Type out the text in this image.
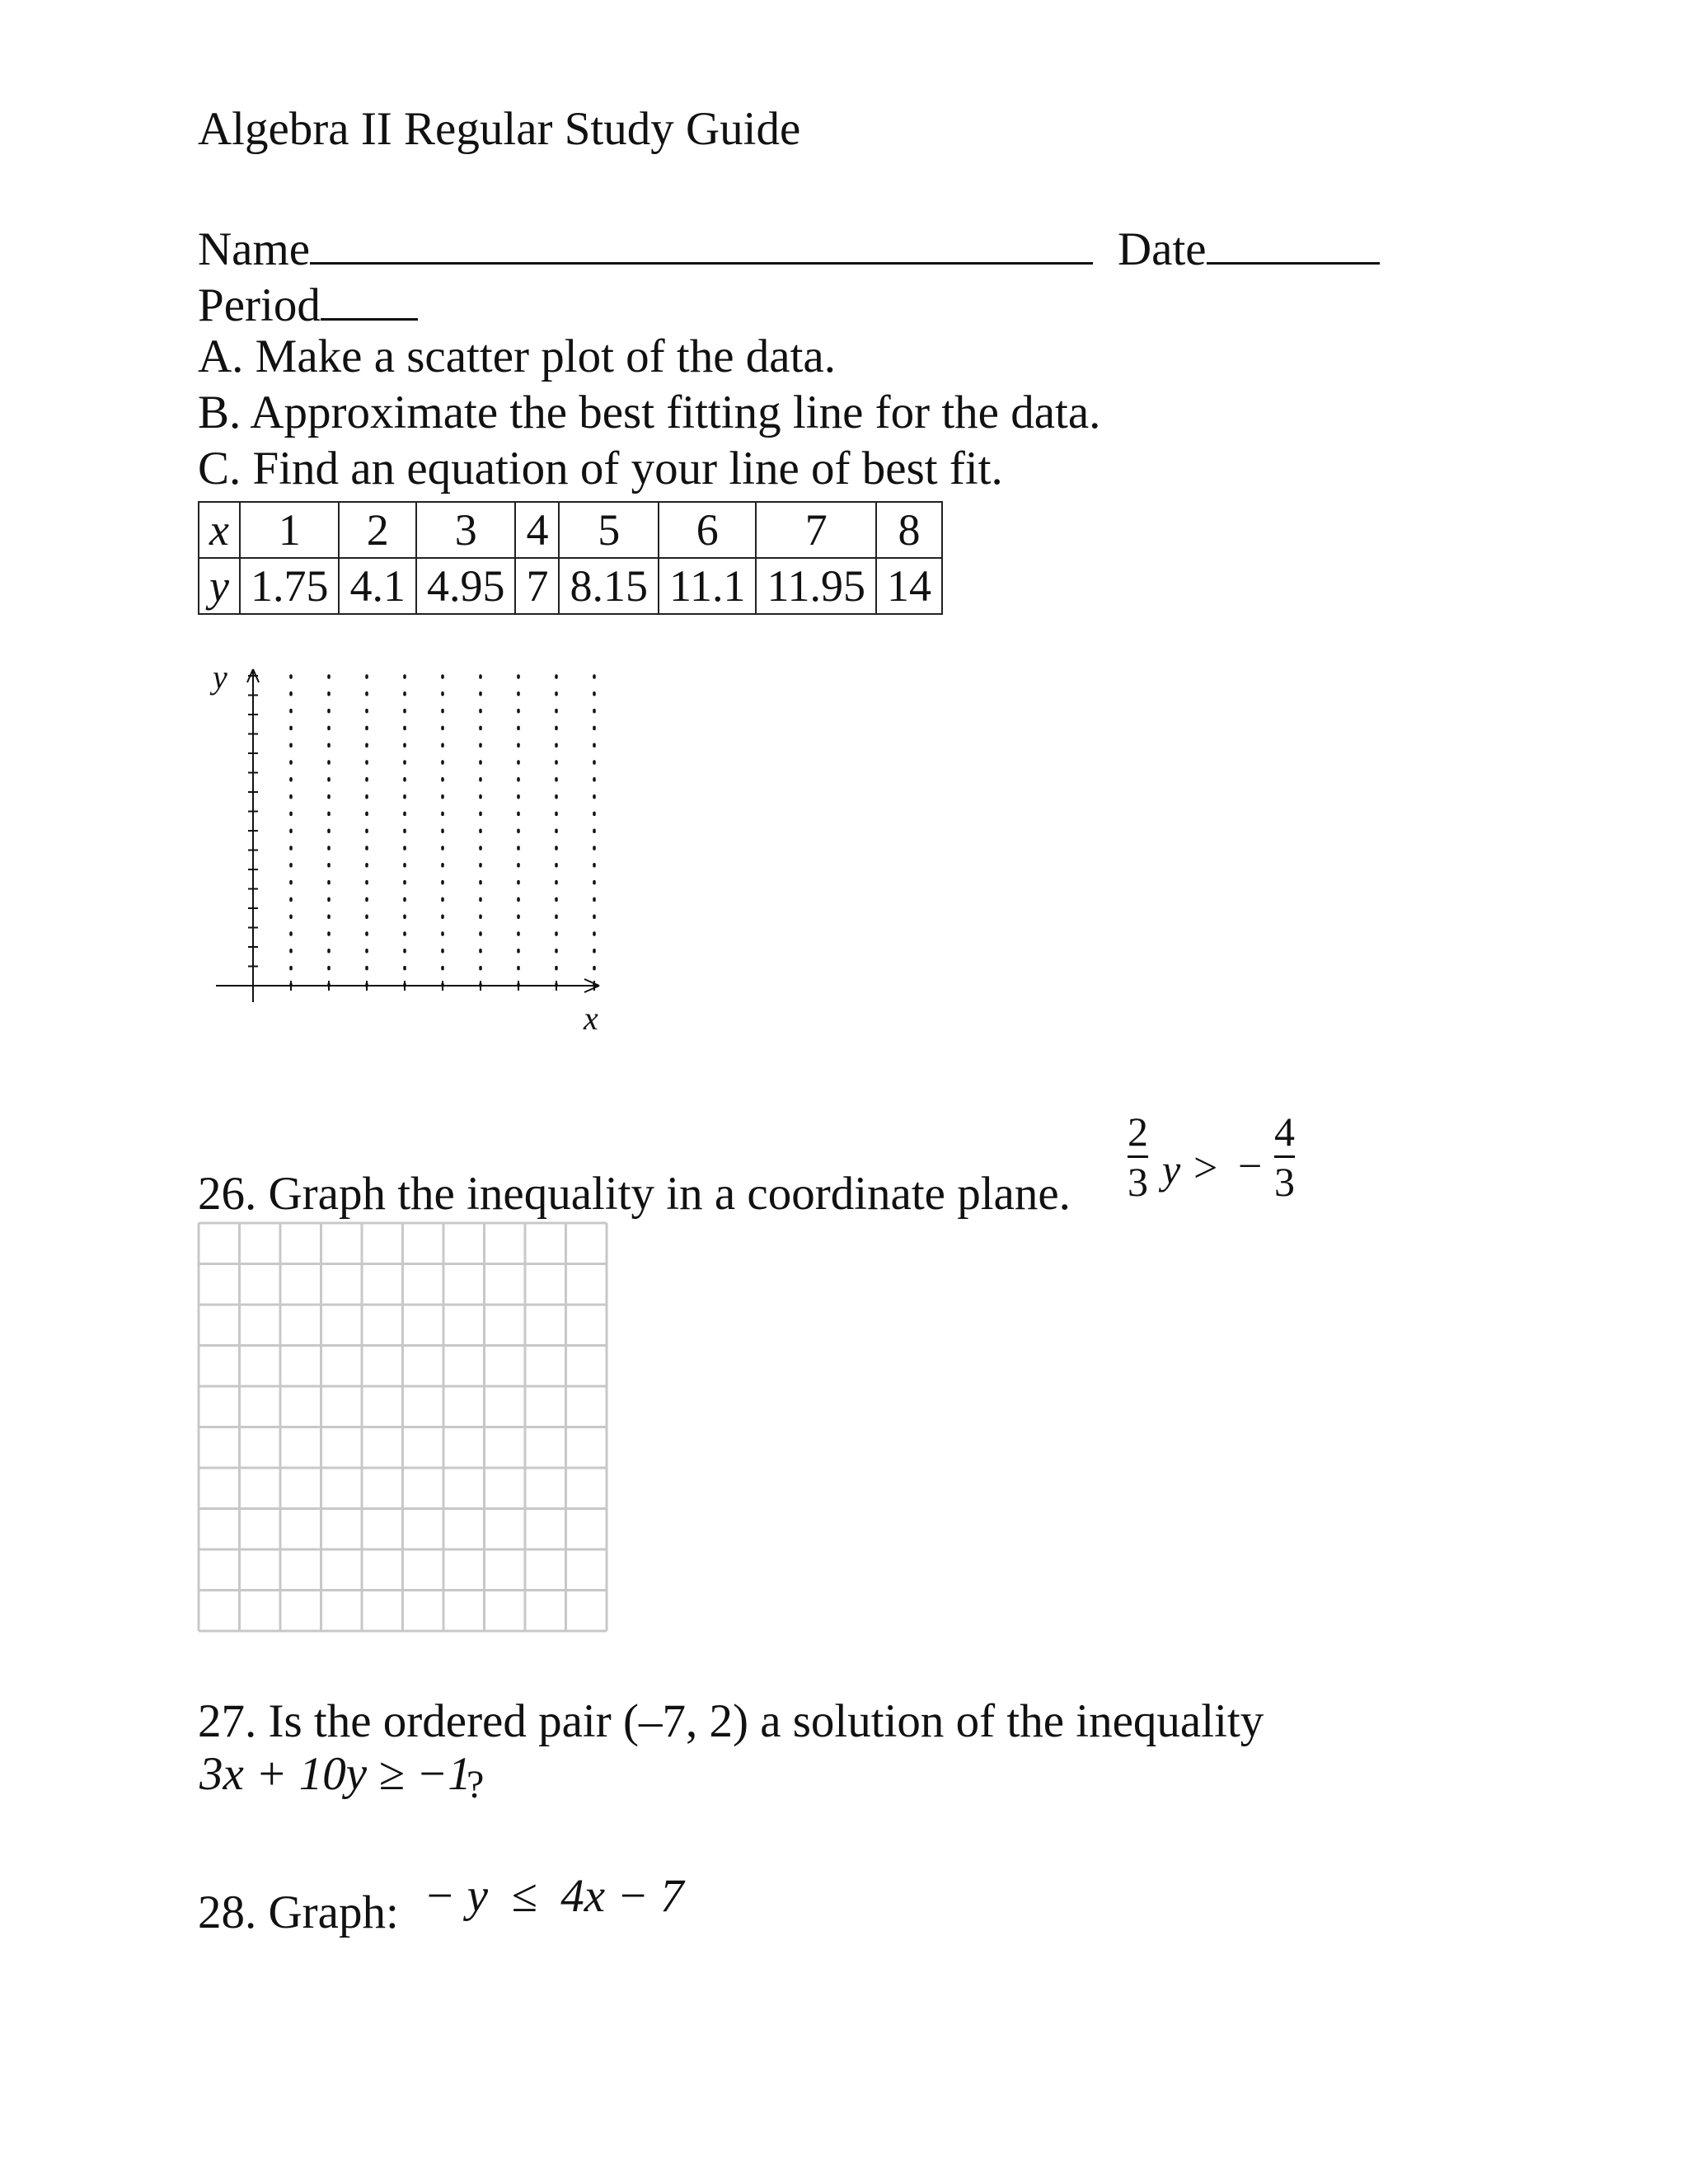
Algebra II Regular Study Guide
Name	Date
Period
A. Make a scatter plot of the data.
B. Approximate the best fitting line for the data.
C. Find an equation of your line of best fit.
x	1	2	3	4	5	6	7	8
y	1.75	4.1	4.95	7	8.15	11.1	11.95	14
y
x
26. Graph the inequality in a coordinate plane.
2
3 y > −
4
3
27. Is the ordered pair (–7, 2) a solution of the inequality
3x + 10y ≥ −1
?
28. Graph: − y  ≤  4x − 7
